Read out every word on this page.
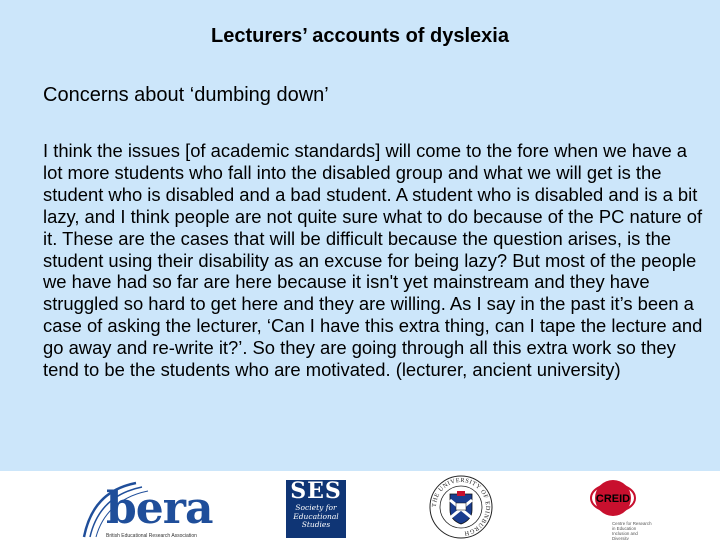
Lecturers’ accounts of dyslexia
Concerns about ‘dumbing down’
I think the issues [of academic standards] will come to the fore when we have a lot more students who fall into the disabled group and what we will get is the student who is disabled and a bad student. A student who is disabled and is a bit lazy, and I think people are not quite sure what to do because of the PC nature of it. These are the cases that will be difficult because the question arises, is the student using their disability as an excuse for being lazy? But most of the people we have had so far are here because it isn't yet mainstream and they have struggled so hard to get here and they are willing. As I say in the past it’s been a case of asking the lecturer, ‘Can I have this extra thing, can I tape the lecture and go away and re-write it?’. So they are going through all this extra work so they tend to be the students who are motivated. (lecturer, ancient university)
bera
British Educational Research Association
SES
Society for Educational Studies
THE UNIVERSITY OF EDINBURGH
CREID
Centre for Research in Education Inclusion and Diversity
